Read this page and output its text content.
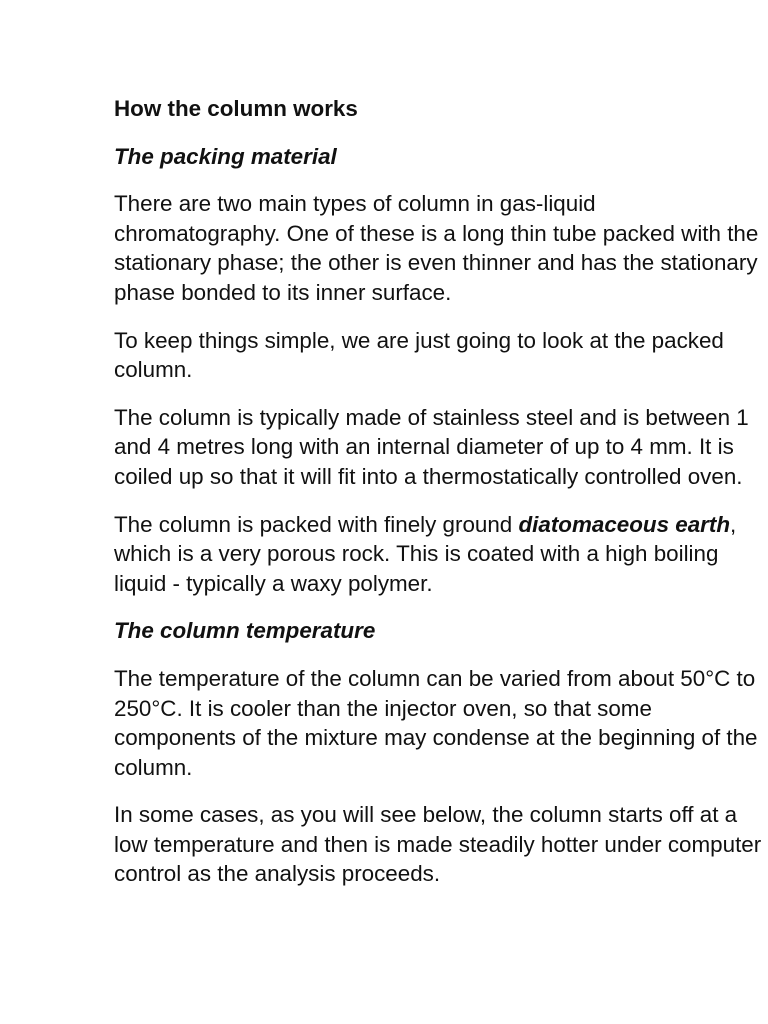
How the column works
The packing material

There are two main types of column in gas-liquid chromatography. One of these is a long thin tube packed with the stationary phase; the other is even thinner and has the stationary phase bonded to its inner surface.

To keep things simple, we are just going to look at the packed column.

The column is typically made of stainless steel and is between 1 and 4 metres long with an internal diameter of up to 4 mm. It is coiled up so that it will fit into a thermostatically controlled oven.

The column is packed with finely ground diatomaceous earth, which is a very porous rock. This is coated with a high boiling liquid - typically a waxy polymer.

The column temperature

The temperature of the column can be varied from about 50°C to 250°C. It is cooler than the injector oven, so that some components of the mixture may condense at the beginning of the column.

In some cases, as you will see below, the column starts off at a low temperature and then is made steadily hotter under computer control as the analysis proceeds.
